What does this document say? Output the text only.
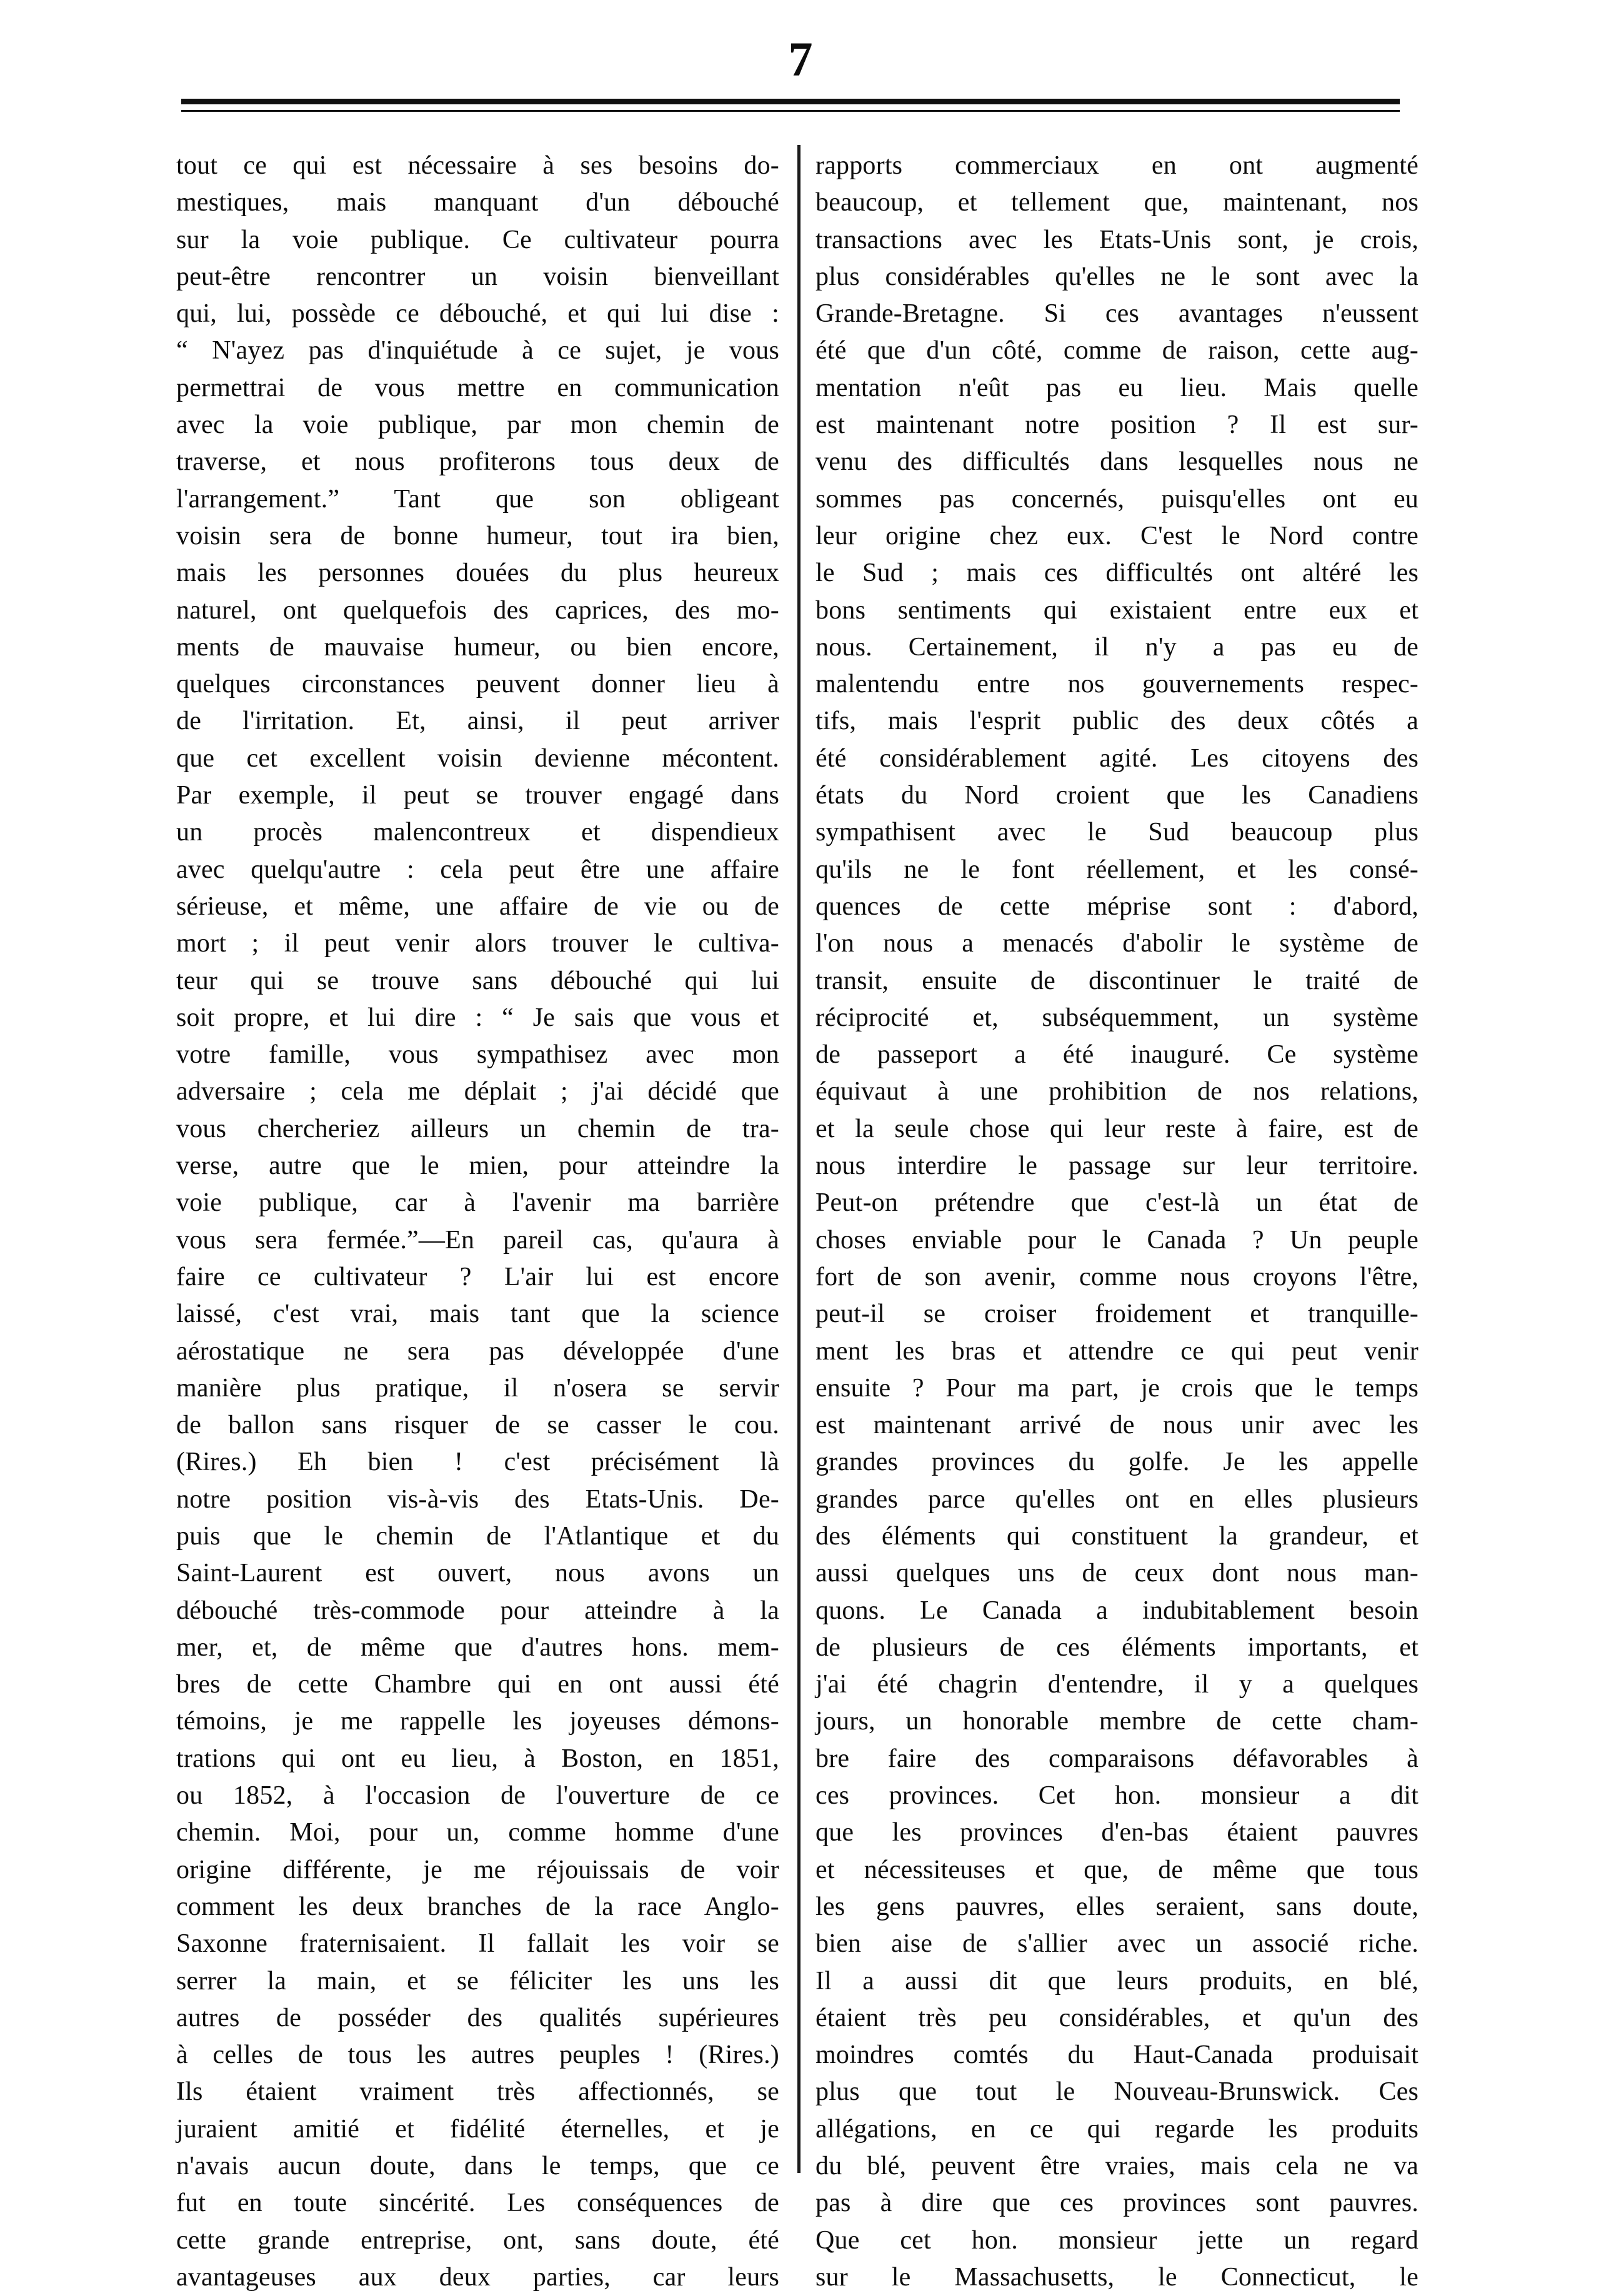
7
tout ce qui est nécessaire à ses besoins do-
mestiques, mais manquant d'un débouché
sur la voie publique. Ce cultivateur pourra
peut-être rencontrer un voisin bienveillant
qui, lui, possède ce débouché, et qui lui dise :
“ N'ayez pas d'inquiétude à ce sujet, je vous
permettrai de vous mettre en communication
avec la voie publique, par mon chemin de
traverse, et nous profiterons tous deux de
l'arrangement.” Tant que son obligeant
voisin sera de bonne humeur, tout ira bien,
mais les personnes douées du plus heureux
naturel, ont quelquefois des caprices, des mo-
ments de mauvaise humeur, ou bien encore,
quelques circonstances peuvent donner lieu à
de l'irritation. Et, ainsi, il peut arriver
que cet excellent voisin devienne mécontent.
Par exemple, il peut se trouver engagé dans
un procès malencontreux et dispendieux
avec quelqu'autre : cela peut être une affaire
sérieuse, et même, une affaire de vie ou de
mort ; il peut venir alors trouver le cultiva-
teur qui se trouve sans débouché qui lui
soit propre, et lui dire : “ Je sais que vous et
votre famille, vous sympathisez avec mon
adversaire ; cela me déplait ; j'ai décidé que
vous chercheriez ailleurs un chemin de tra-
verse, autre que le mien, pour atteindre la
voie publique, car à l'avenir ma barrière
vous sera fermée.”—En pareil cas, qu'aura à
faire ce cultivateur ? L'air lui est encore
laissé, c'est vrai, mais tant que la science
aérostatique ne sera pas développée d'une
manière plus pratique, il n'osera se servir
de ballon sans risquer de se casser le cou.
(Rires.) Eh bien ! c'est précisément là
notre position vis-à-vis des Etats-Unis. De-
puis que le chemin de l'Atlantique et du
Saint-Laurent est ouvert, nous avons un
débouché très-commode pour atteindre à la
mer, et, de même que d'autres hons. mem-
bres de cette Chambre qui en ont aussi été
témoins, je me rappelle les joyeuses démons-
trations qui ont eu lieu, à Boston, en 1851,
ou 1852, à l'occasion de l'ouverture de ce
chemin. Moi, pour un, comme homme d'une
origine différente, je me réjouissais de voir
comment les deux branches de la race Anglo-
Saxonne fraternisaient. Il fallait les voir se
serrer la main, et se féliciter les uns les
autres de posséder des qualités supérieures
à celles de tous les autres peuples ! (Rires.)
Ils étaient vraiment très affectionnés, se
juraient amitié et fidélité éternelles, et je
n'avais aucun doute, dans le temps, que ce
fut en toute sincérité. Les conséquences de
cette grande entreprise, ont, sans doute, été
avantageuses aux deux parties, car leurs
rapports commerciaux en ont augmenté
beaucoup, et tellement que, maintenant, nos
transactions avec les Etats-Unis sont, je crois,
plus considérables qu'elles ne le sont avec la
Grande-Bretagne. Si ces avantages n'eussent
été que d'un côté, comme de raison, cette aug-
mentation n'eût pas eu lieu. Mais quelle
est maintenant notre position ? Il est sur-
venu des difficultés dans lesquelles nous ne
sommes pas concernés, puisqu'elles ont eu
leur origine chez eux. C'est le Nord contre
le Sud ; mais ces difficultés ont altéré les
bons sentiments qui existaient entre eux et
nous. Certainement, il n'y a pas eu de
malentendu entre nos gouvernements respec-
tifs, mais l'esprit public des deux côtés a
été considérablement agité. Les citoyens des
états du Nord croient que les Canadiens
sympathisent avec le Sud beaucoup plus
qu'ils ne le font réellement, et les consé-
quences de cette méprise sont : d'abord,
l'on nous a menacés d'abolir le système de
transit, ensuite de discontinuer le traité de
réciprocité et, subséquemment, un système
de passeport a été inauguré. Ce système
équivaut à une prohibition de nos relations,
et la seule chose qui leur reste à faire, est de
nous interdire le passage sur leur territoire.
Peut-on prétendre que c'est-là un état de
choses enviable pour le Canada ? Un peuple
fort de son avenir, comme nous croyons l'être,
peut-il se croiser froidement et tranquille-
ment les bras et attendre ce qui peut venir
ensuite ? Pour ma part, je crois que le temps
est maintenant arrivé de nous unir avec les
grandes provinces du golfe. Je les appelle
grandes parce qu'elles ont en elles plusieurs
des éléments qui constituent la grandeur, et
aussi quelques uns de ceux dont nous man-
quons. Le Canada a indubitablement besoin
de plusieurs de ces éléments importants, et
j'ai été chagrin d'entendre, il y a quelques
jours, un honorable membre de cette cham-
bre faire des comparaisons défavorables à
ces provinces. Cet hon. monsieur a dit
que les provinces d'en-bas étaient pauvres
et nécessiteuses et que, de même que tous
les gens pauvres, elles seraient, sans doute,
bien aise de s'allier avec un associé riche.
Il a aussi dit que leurs produits, en blé,
étaient très peu considérables, et qu'un des
moindres comtés du Haut-Canada produisait
plus que tout le Nouveau-Brunswick. Ces
allégations, en ce qui regarde les produits
du blé, peuvent être vraies, mais cela ne va
pas à dire que ces provinces sont pauvres.
Que cet hon. monsieur jette un regard
sur le Massachusetts, le Connecticut, le
